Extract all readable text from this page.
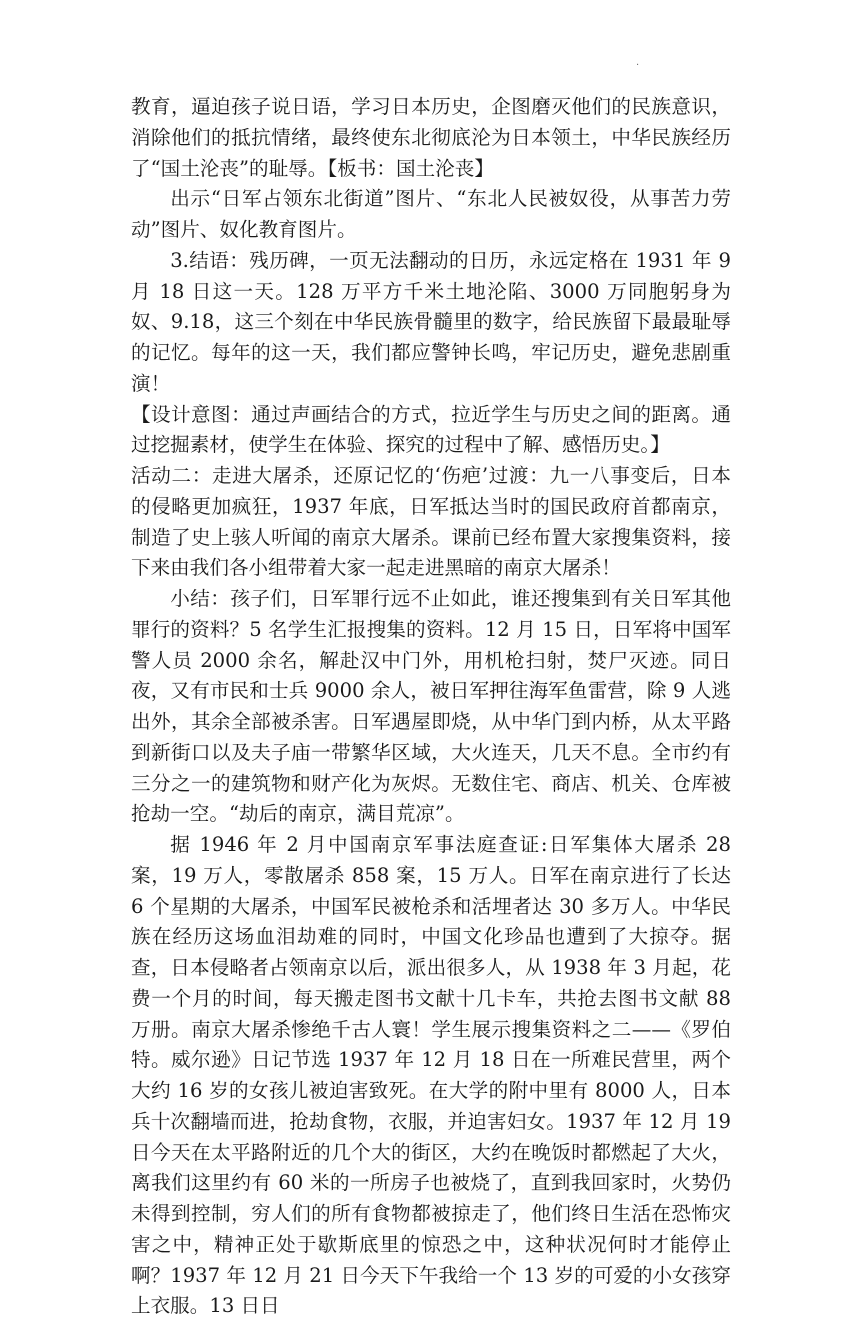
.

教育，逼迫孩子说日语，学习日本历史，企图磨灭他们的民族意识，消除他们的抵抗情绪，最终使东北彻底沦为日本领土，中华民族经历了“国土沦丧”的耻辱。【板书：国土沦丧】

出示“日军占领东北街道”图片、“东北人民被奴役，从事苦力劳动”图片、奴化教育图片。

3.结语：残历碑，一页无法翻动的日历，永远定格在 1931 年 9 月 18 日这一天。128 万平方千米土地沦陷、3000 万同胞躬身为奴、9.18，这三个刻在中华民族骨髓里的数字，给民族留下最最耻辱的记忆。每年的这一天，我们都应警钟长鸣，牢记历史，避免悲剧重演！

【设计意图：通过声画结合的方式，拉近学生与历史之间的距离。通过挖掘素材，使学生在体验、探究的过程中了解、感悟历史。】

活动二：走进大屠杀，还原记忆的‘伤疤’过渡：九一八事变后，日本的侵略更加疯狂，1937 年底，日军抵达当时的国民政府首都南京，制造了史上骇人听闻的南京大屠杀。课前已经布置大家搜集资料，接下来由我们各小组带着大家一起走进黑暗的南京大屠杀！

小结：孩子们，日军罪行远不止如此，谁还搜集到有关日军其他罪行的资料？5 名学生汇报搜集的资料。12 月 15 日，日军将中国军警人员 2000 余名，解赴汉中门外，用机枪扫射，焚尸灭迹。同日夜，又有市民和士兵 9000 余人，被日军押往海军鱼雷营，除 9 人逃出外，其余全部被杀害。日军遇屋即烧，从中华门到内桥，从太平路到新街口以及夫子庙一带繁华区域，大火连天，几天不息。全市约有三分之一的建筑物和财产化为灰烬。无数住宅、商店、机关、仓库被抢劫一空。“劫后的南京，满目荒凉”。

据 1946 年 2 月中国南京军事法庭查证:日军集体大屠杀 28 案，19 万人，零散屠杀 858 案，15 万人。日军在南京进行了长达 6 个星期的大屠杀，中国军民被枪杀和活埋者达 30 多万人。中华民族在经历这场血泪劫难的同时，中国文化珍品也遭到了大掠夺。据查，日本侵略者占领南京以后，派出很多人，从 1938 年 3 月起，花费一个月的时间，每天搬走图书文献十几卡车，共抢去图书文献 88 万册。南京大屠杀惨绝千古人寰！学生展示搜集资料之二——《罗伯特。威尔逊》日记节选 1937 年 12 月 18 日在一所难民营里，两个大约 16 岁的女孩儿被迫害致死。在大学的附中里有 8000 人，日本兵十次翻墙而进，抢劫食物，衣服，并迫害妇女。1937 年 12 月 19 日今天在太平路附近的几个大的街区，大约在晚饭时都燃起了大火，离我们这里约有 60 米的一所房子也被烧了，直到我回家时，火势仍未得到控制，穷人们的所有食物都被掠走了，他们终日生活在恐怖灾害之中，精神正处于歇斯底里的惊恐之中，这种状况何时才能停止啊？1937 年 12 月 21 日今天下午我给一个 13 岁的可爱的小女孩穿上衣服。13 日日
